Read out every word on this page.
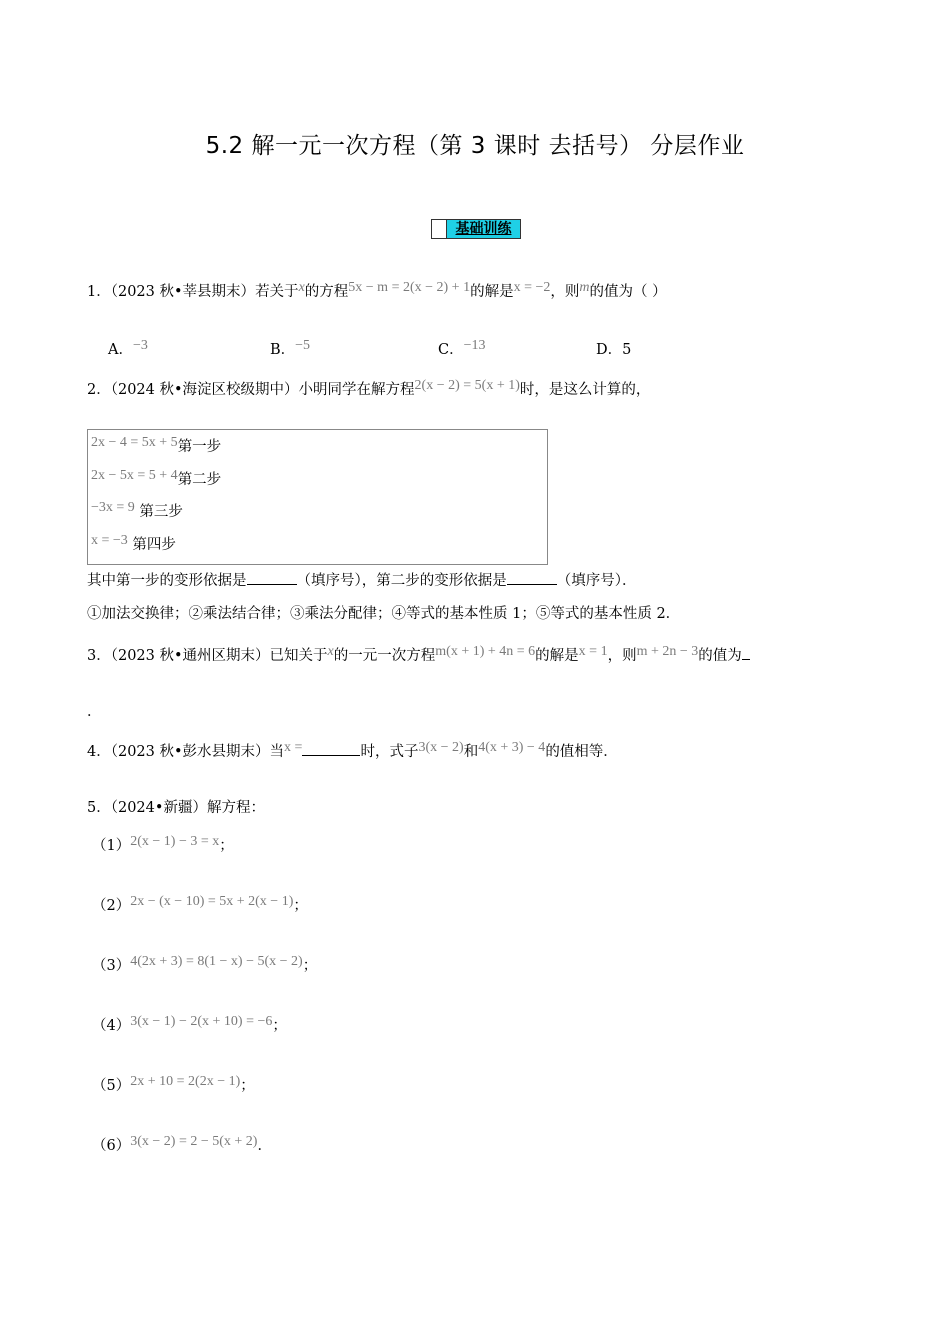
5.2 解一元一次方程（第 3 课时 去括号） 分层作业
基础训练
1．（2023 秋•莘县期末）若关于x的方程5x − m = 2(x − 2) + 1的解是x = −2，则m的值为（ ）
A．−3	B．−5	C．−13	D．5
2．（2024 秋•海淀区校级期中）小明同学在解方程2(x − 2) = 5(x + 1)时，是这么计算的，
2x − 4 = 5x + 5第一步
2x − 5x = 5 + 4第二步
−3x = 9 第三步
x = −3 第四步
其中第一步的变形依据是	（填序号），第二步的变形依据是	（填序号）．
①加法交换律；②乘法结合律；③乘法分配律；④等式的基本性质 1；⑤等式的基本性质 2．
3．（2023 秋•通州区期末）已知关于x的一元一次方程m(x + 1) + 4n = 6的解是x = 1，则m + 2n − 3的值为
．
4．（2023 秋•彭水县期末）当x =	时，式子3(x − 2)和4(x + 3) − 4的值相等．
5．（2024•新疆）解方程：
（1）2(x − 1) − 3 = x；
（2）2x − (x − 10) = 5x + 2(x − 1)；
（3）4(2x + 3) = 8(1 − x) − 5(x − 2)；
（4）3(x − 1) − 2(x + 10) = −6；
（5）2x + 10 = 2(2x − 1)；
（6）3(x − 2) = 2 − 5(x + 2)．
